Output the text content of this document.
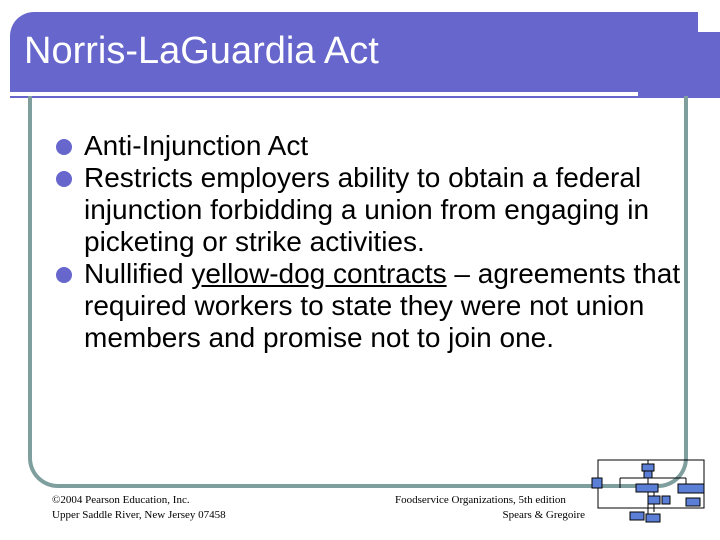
Norris-LaGuardia Act
Anti-Injunction Act
Restricts employers ability to obtain a federal injunction forbidding a union from engaging in picketing or strike activities.
Nullified yellow-dog contracts – agreements that required workers to state they were not union members and promise not to join one.
©2004 Pearson Education, Inc.
Upper Saddle River, New Jersey 07458
Foodservice Organizations, 5th edition
Spears & Gregoire
